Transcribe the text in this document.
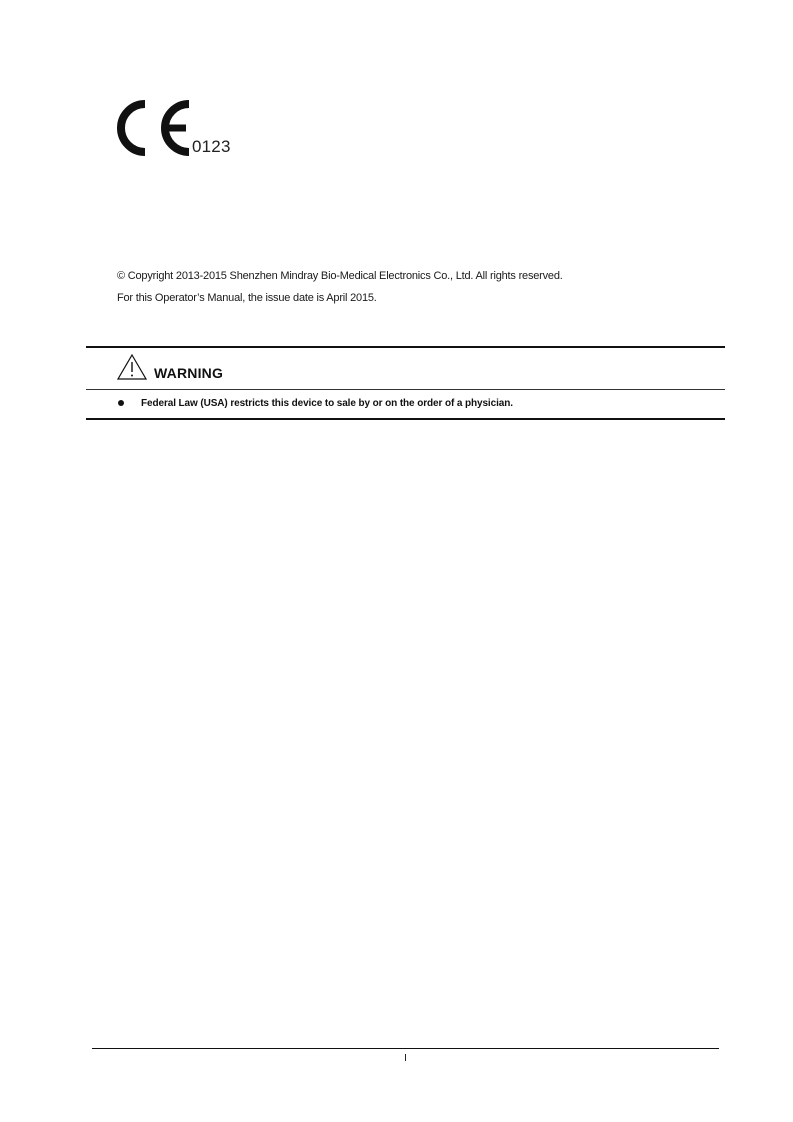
0123
© Copyright 2013-2015 Shenzhen Mindray Bio-Medical Electronics Co., Ltd. All rights reserved.
For this Operator’s Manual, the issue date is April 2015.
WARNING
Federal Law (USA) restricts this device to sale by or on the order of a physician.
I
